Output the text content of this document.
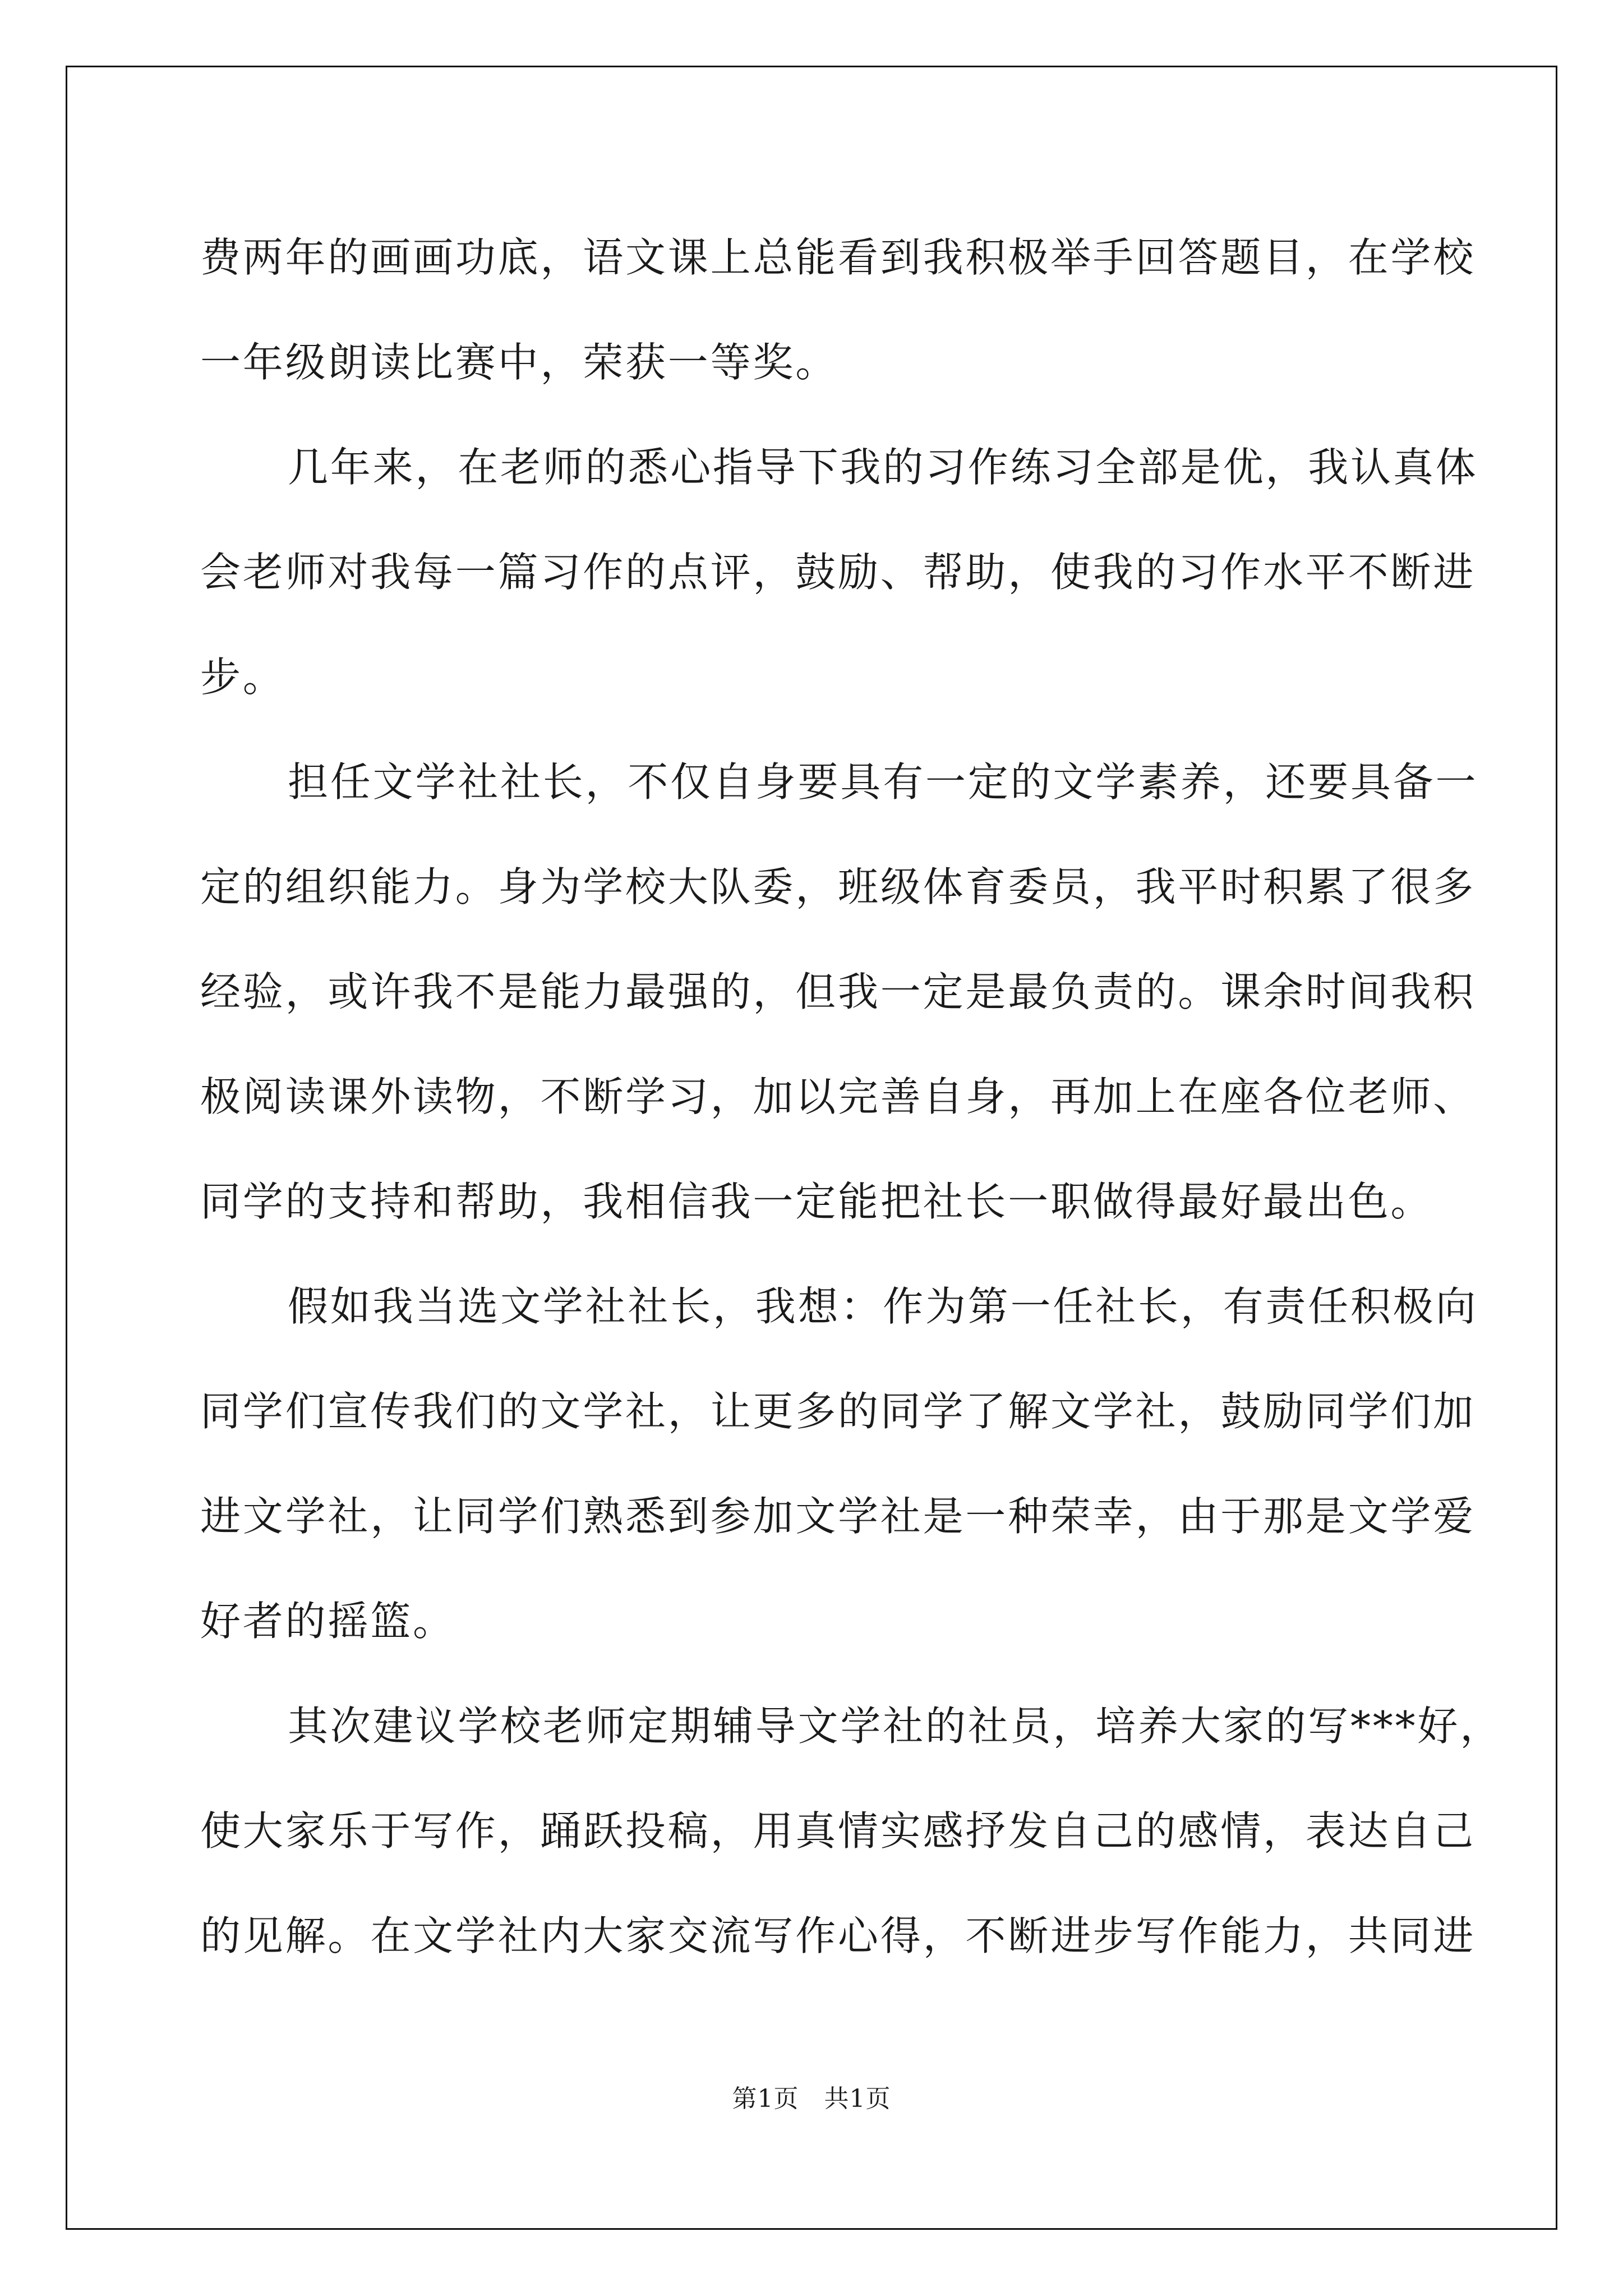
费两年的画画功底，语文课上总能看到我积极举手回答题目，在学校
一年级朗读比赛中，荣获一等奖。
几年来，在老师的悉心指导下我的习作练习全部是优，我认真体
会老师对我每一篇习作的点评，鼓励、帮助，使我的习作水平不断进
步。
担任文学社社长，不仅自身要具有一定的文学素养，还要具备一
定的组织能力。身为学校大队委，班级体育委员，我平时积累了很多
经验，或许我不是能力最强的，但我一定是最负责的。课余时间我积
极阅读课外读物，不断学习，加以完善自身，再加上在座各位老师、
同学的支持和帮助，我相信我一定能把社长一职做得最好最出色。
假如我当选文学社社长，我想：作为第一任社长，有责任积极向
同学们宣传我们的文学社，让更多的同学了解文学社，鼓励同学们加
进文学社，让同学们熟悉到参加文学社是一种荣幸，由于那是文学爱
好者的摇篮。
其次建议学校老师定期辅导文学社的社员，培养大家的写***好，
使大家乐于写作，踊跃投稿，用真情实感抒发自己的感情，表达自己
的见解。在文学社内大家交流写作心得，不断进步写作能力，共同进
第1页　共1页
